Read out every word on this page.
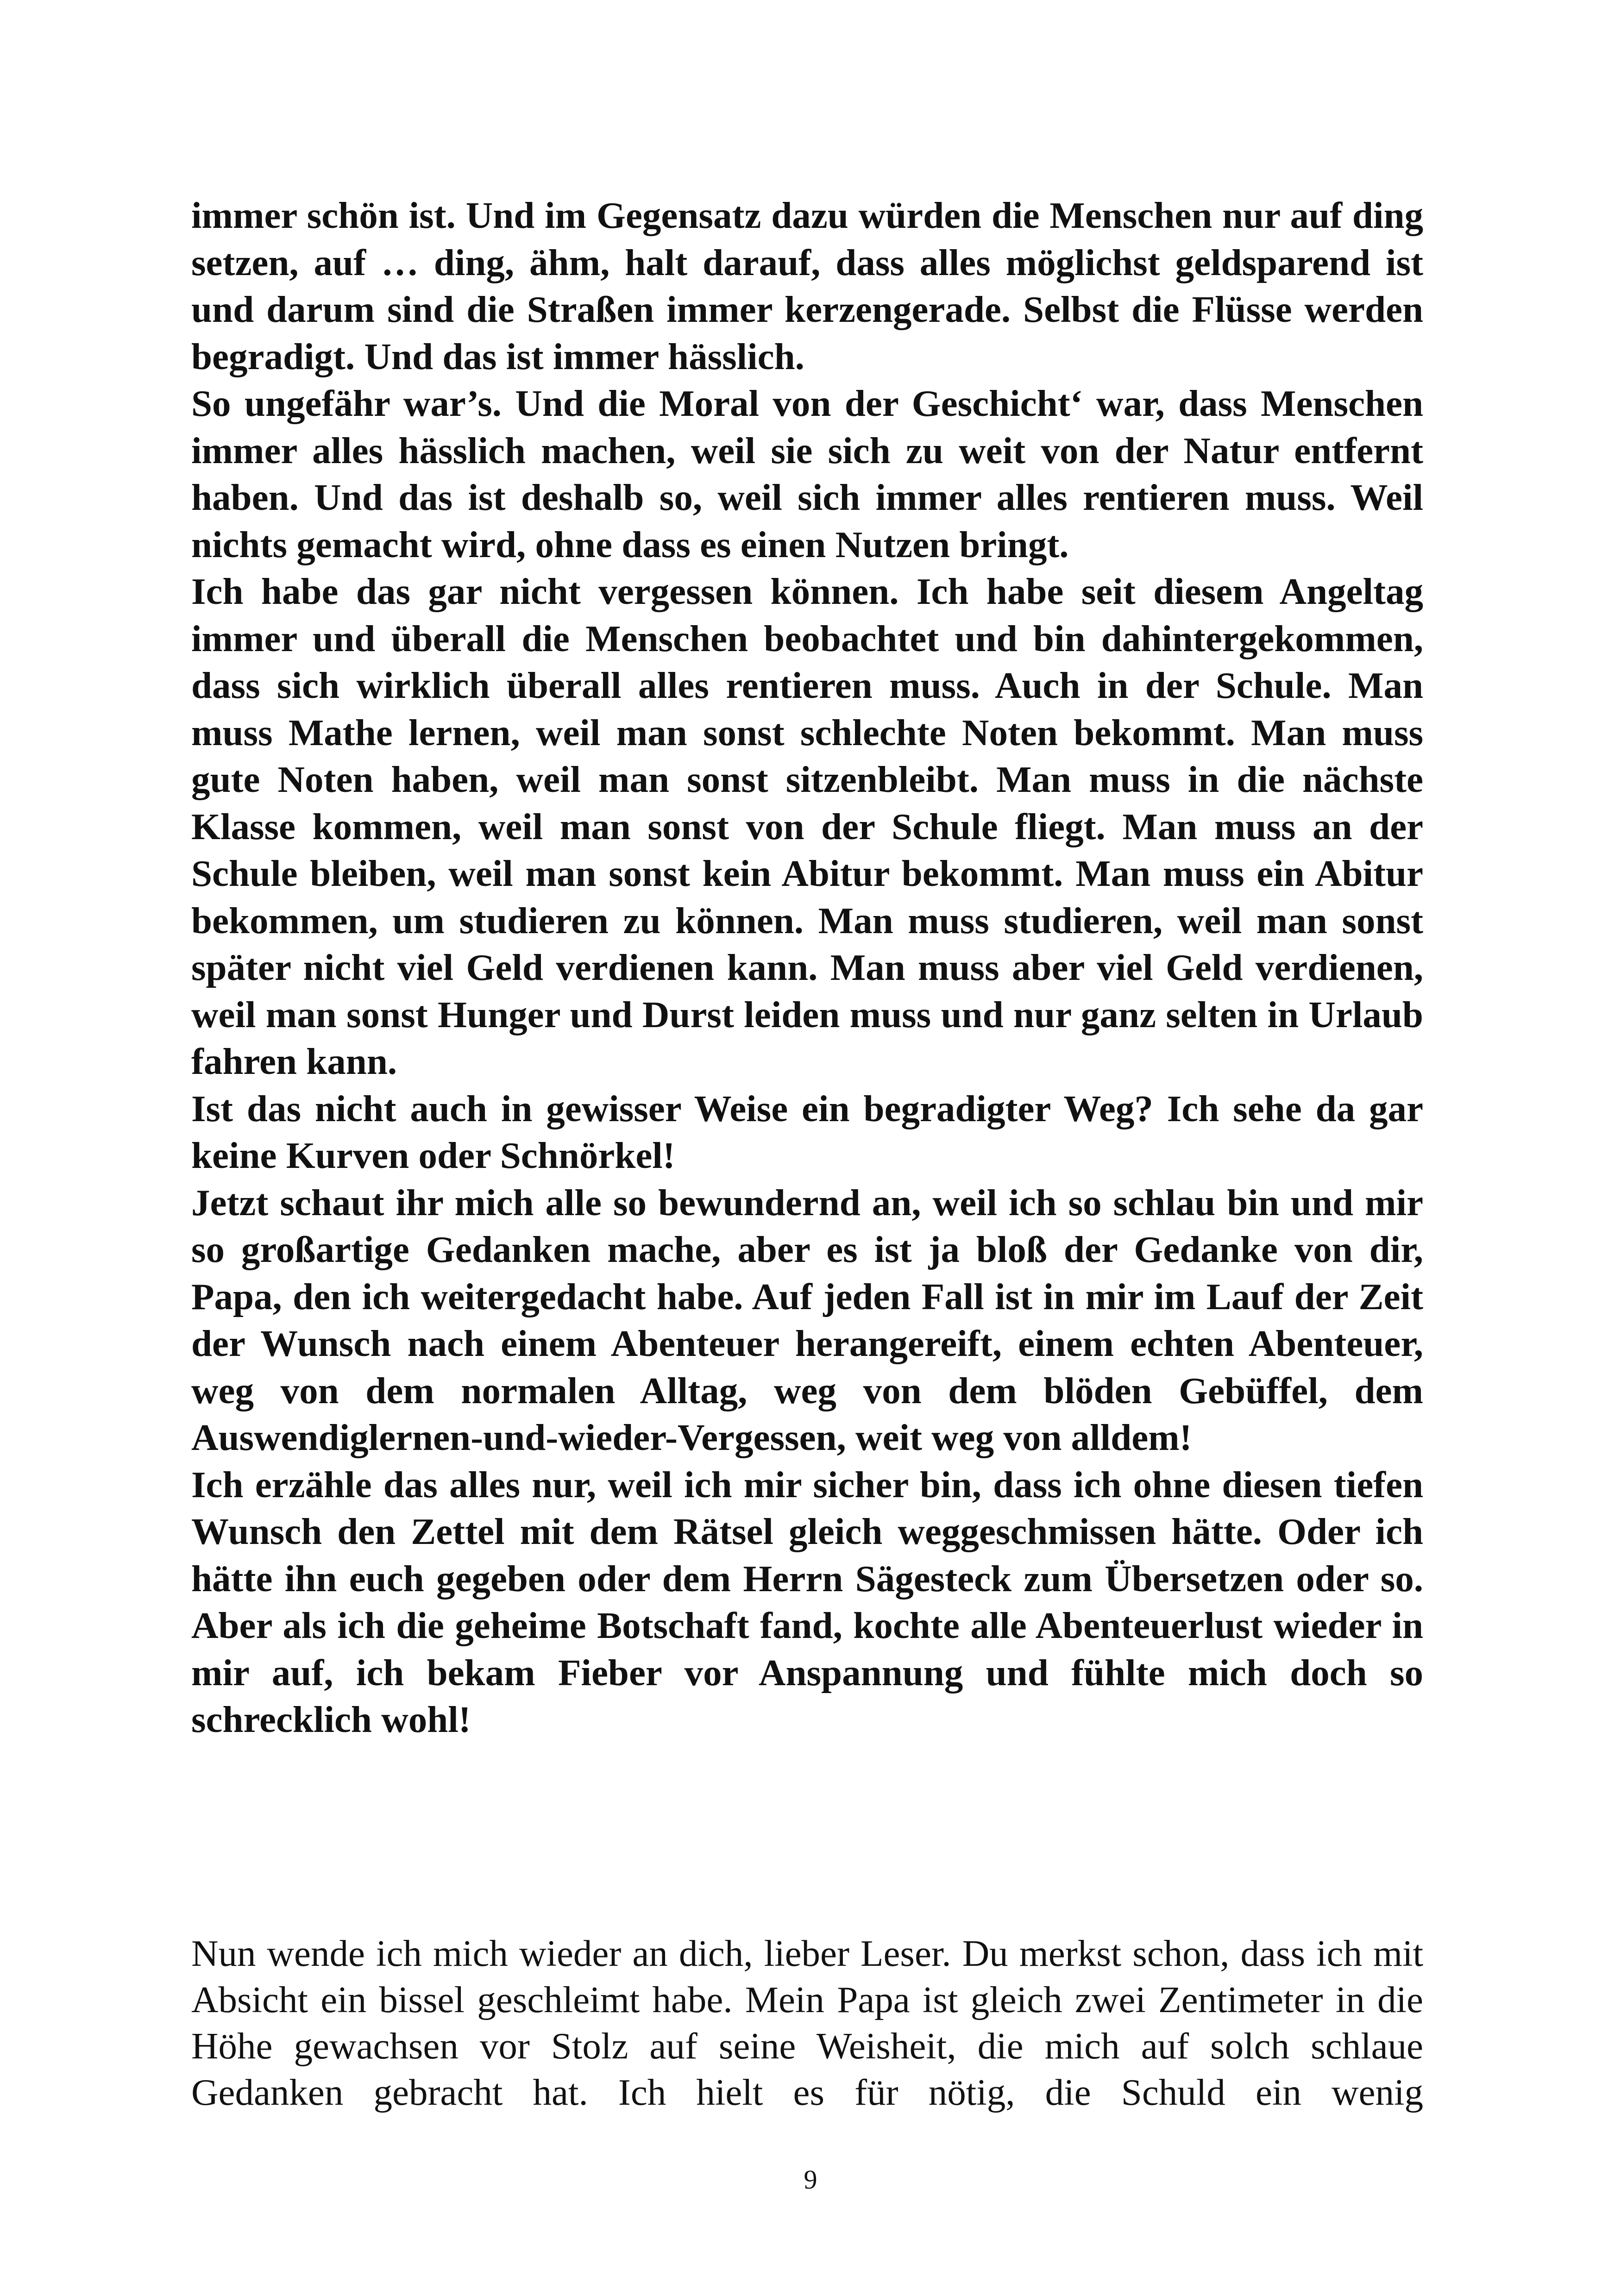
immer schön ist. Und im Gegensatz dazu würden die Menschen nur auf ding setzen, auf … ding, ähm, halt darauf, dass alles möglichst geldsparend ist und darum sind die Straßen immer kerzengerade. Selbst die Flüsse werden begradigt. Und das ist immer hässlich.

So ungefähr war’s. Und die Moral von der Geschicht‘ war, dass Menschen immer alles hässlich machen, weil sie sich zu weit von der Natur entfernt haben. Und das ist deshalb so, weil sich immer alles rentieren muss. Weil nichts gemacht wird, ohne dass es einen Nutzen bringt.

Ich habe das gar nicht vergessen können. Ich habe seit diesem Angeltag immer und überall die Menschen beobachtet und bin dahintergekommen, dass sich wirklich überall alles rentieren muss. Auch in der Schule. Man muss Mathe lernen, weil man sonst schlechte Noten bekommt. Man muss gute Noten haben, weil man sonst sitzenbleibt. Man muss in die nächste Klasse kommen, weil man sonst von der Schule fliegt. Man muss an der Schule bleiben, weil man sonst kein Abitur bekommt. Man muss ein Abitur bekommen, um studieren zu können. Man muss studieren, weil man sonst später nicht viel Geld verdienen kann. Man muss aber viel Geld verdienen, weil man sonst Hunger und Durst leiden muss und nur ganz selten in Urlaub fahren kann.

Ist das nicht auch in gewisser Weise ein begradigter Weg? Ich sehe da gar keine Kurven oder Schnörkel!

Jetzt schaut ihr mich alle so bewundernd an, weil ich so schlau bin und mir so großartige Gedanken mache, aber es ist ja bloß der Gedanke von dir, Papa, den ich weitergedacht habe. Auf jeden Fall ist in mir im Lauf der Zeit der Wunsch nach einem Abenteuer herangereift, einem echten Abenteuer, weg von dem normalen Alltag, weg von dem blöden Gebüffel, dem Auswendiglernen-und-wieder-Vergessen, weit weg von alldem!

Ich erzähle das alles nur, weil ich mir sicher bin, dass ich ohne diesen tiefen Wunsch den Zettel mit dem Rätsel gleich weggeschmissen hätte. Oder ich hätte ihn euch gegeben oder dem Herrn Sägesteck zum Übersetzen oder so. Aber als ich die geheime Botschaft fand, kochte alle Abenteuerlust wieder in mir auf, ich bekam Fieber vor Anspannung und fühlte mich doch so schrecklich wohl!

Nun wende ich mich wieder an dich, lieber Leser. Du merkst schon, dass ich mit Absicht ein bissel geschleimt habe. Mein Papa ist gleich zwei Zentimeter in die Höhe gewachsen vor Stolz auf seine Weisheit, die mich auf solch schlaue Gedanken gebracht hat. Ich hielt es für nötig, die Schuld ein wenig

9
